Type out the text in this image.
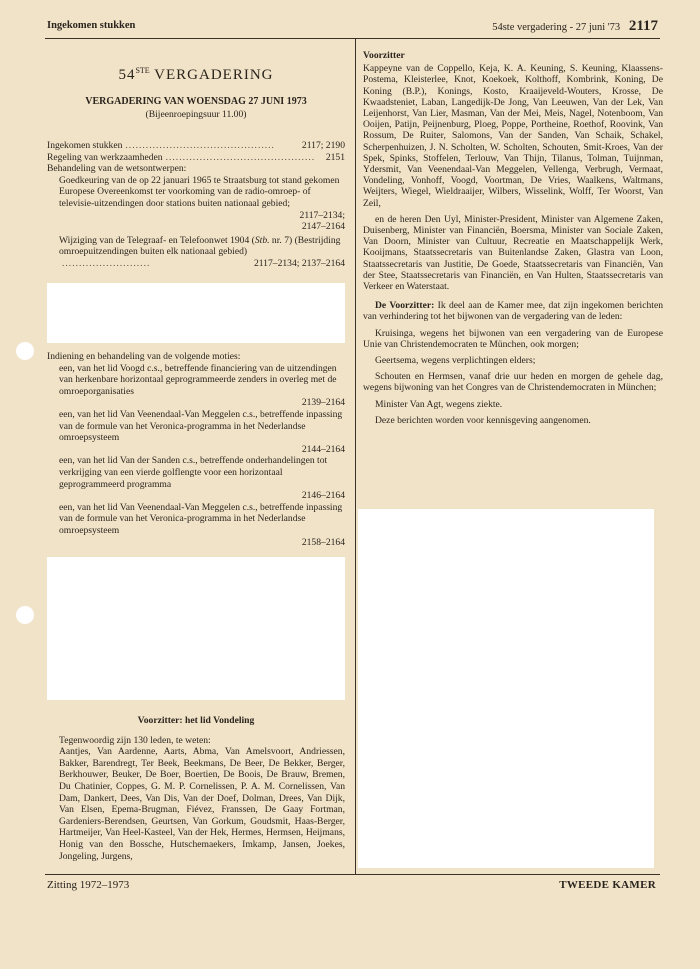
Ingekomen stukken	54ste vergadering - 27 juni '73 2117
54STE VERGADERING
VERGADERING VAN WOENSDAG 27 JUNI 1973
(Bijeenroepingsuur 11.00)
Ingekomen stukken ............................................	2117; 2190
Regeling van werkzaamheden ............................................	2151
Behandeling van de wetsontwerpen:
Goedkeuring van de op 22 januari 1965 te Straatsburg tot stand gekomen Europese Overeenkomst ter voorkoming van de radio-omroep- of televisie-uitzendingen door stations buiten nationaal gebied;
2117–2134;
2147–2164
Wijziging van de Telegraaf- en Telefoonwet 1904 (Stb. nr. 7) (Bestrijding omroepuitzendingen buiten elk nationaal gebied)
..........................	2117–2134; 2137–2164
Indiening en behandeling van de volgende moties:
een, van het lid Voogd c.s., betreffende financiering van de uitzendingen van herkenbare horizontaal geprogrammeerde zenders in overleg met de omroeporganisaties
2139–2164
een, van het lid Van Veenendaal-Van Meggelen c.s., betreffende inpassing van de formule van het Veronica-programma in het Nederlandse omroepsysteem
2144–2164
een, van het lid Van der Sanden c.s., betreffende onderhandelingen tot verkrijging van een vierde golflengte voor een horizontaal geprogrammeerd programma
2146–2164
een, van het lid Van Veenendaal-Van Meggelen c.s., betreffende inpassing van de formule van het Veronica-programma in het Nederlandse omroepsysteem
2158–2164
Voorzitter: het lid Vondeling
Tegenwoordig zijn 130 leden, te weten:
Aantjes, Van Aardenne, Aarts, Abma, Van Amelsvoort, Andriessen, Bakker, Barendregt, Ter Beek, Beekmans, De Beer, De Bekker, Berger, Berkhouwer, Beuker, De Boer, Boertien, De Boois, De Brauw, Bremen, Du Chatinier, Coppes, G. M. P. Cornelissen, P. A. M. Cornelissen, Van Dam, Dankert, Dees, Van Dis, Van der Doef, Dolman, Drees, Van Dijk, Van Elsen, Epema-Brugman, Fiévez, Franssen, De Gaay Fortman, Gardeniers-Berendsen, Geurtsen, Van Gorkum, Goudsmit, Haas-Berger, Hartmeijer, Van Heel-Kasteel, Van der Hek, Hermes, Hermsen, Heijmans, Honig van den Bossche, Hutschemaekers, Imkamp, Jansen, Joekes, Jongeling, Jurgens,

Voorzitter

Kappeyne van de Coppello, Keja, K. A. Keuning, S. Keuning, Klaassens-Postema, Kleisterlee, Knot, Koekoek, Kolthoff, Kombrink, Koning, De Koning (B.P.), Konings, Kosto, Kraaijeveld-Wouters, Krosse, De Kwaadsteniet, Laban, Langedijk-De Jong, Van Leeuwen, Van der Lek, Van Leijenhorst, Van Lier, Masman, Van der Mei, Meis, Nagel, Notenboom, Van Ooijen, Patijn, Peijnenburg, Ploeg, Poppe, Portheine, Roethof, Roovink, Van Rossum, De Ruiter, Salomons, Van der Sanden, Van Schaik, Schakel, Scherpenhuizen, J. N. Scholten, W. Scholten, Schouten, Smit-Kroes, Van der Spek, Spinks, Stoffelen, Terlouw, Van Thijn, Tilanus, Tolman, Tuijnman, Ydersmit, Van Veenendaal-Van Meggelen, Vellenga, Verbrugh, Vermaat, Vondeling, Vonhoff, Voogd, Voortman, De Vries, Waalkens, Waltmans, Weijters, Wiegel, Wieldraaijer, Wilbers, Wisselink, Wolff, Ter Woorst, Van Zeil,

en de heren Den Uyl, Minister-President, Minister van Algemene Zaken, Duisenberg, Minister van Financiën, Boersma, Minister van Sociale Zaken, Van Doorn, Minister van Cultuur, Recreatie en Maatschappelijk Werk, Kooijmans, Staatssecretaris van Buitenlandse Zaken, Glastra van Loon, Staatssecretaris van Justitie, De Goede, Staatssecretaris van Financiën, Van der Stee, Staatssecretaris van Financiën, en Van Hulten, Staatssecretaris van Verkeer en Waterstaat.

De Voorzitter: Ik deel aan de Kamer mee, dat zijn ingekomen berichten van verhindering tot het bijwonen van de vergadering van de leden:

Kruisinga, wegens het bijwonen van een vergadering van de Europese Unie van Christendemocraten te München, ook morgen;

Geertsema, wegens verplichtingen elders;

Schouten en Hermsen, vanaf drie uur heden en morgen de gehele dag, wegens bijwoning van het Congres van de Christendemocraten in München;

Minister Van Agt, wegens ziekte.

Deze berichten worden voor kennisgeving aangenomen.

Zitting 1972–1973	TWEEDE KAMER
